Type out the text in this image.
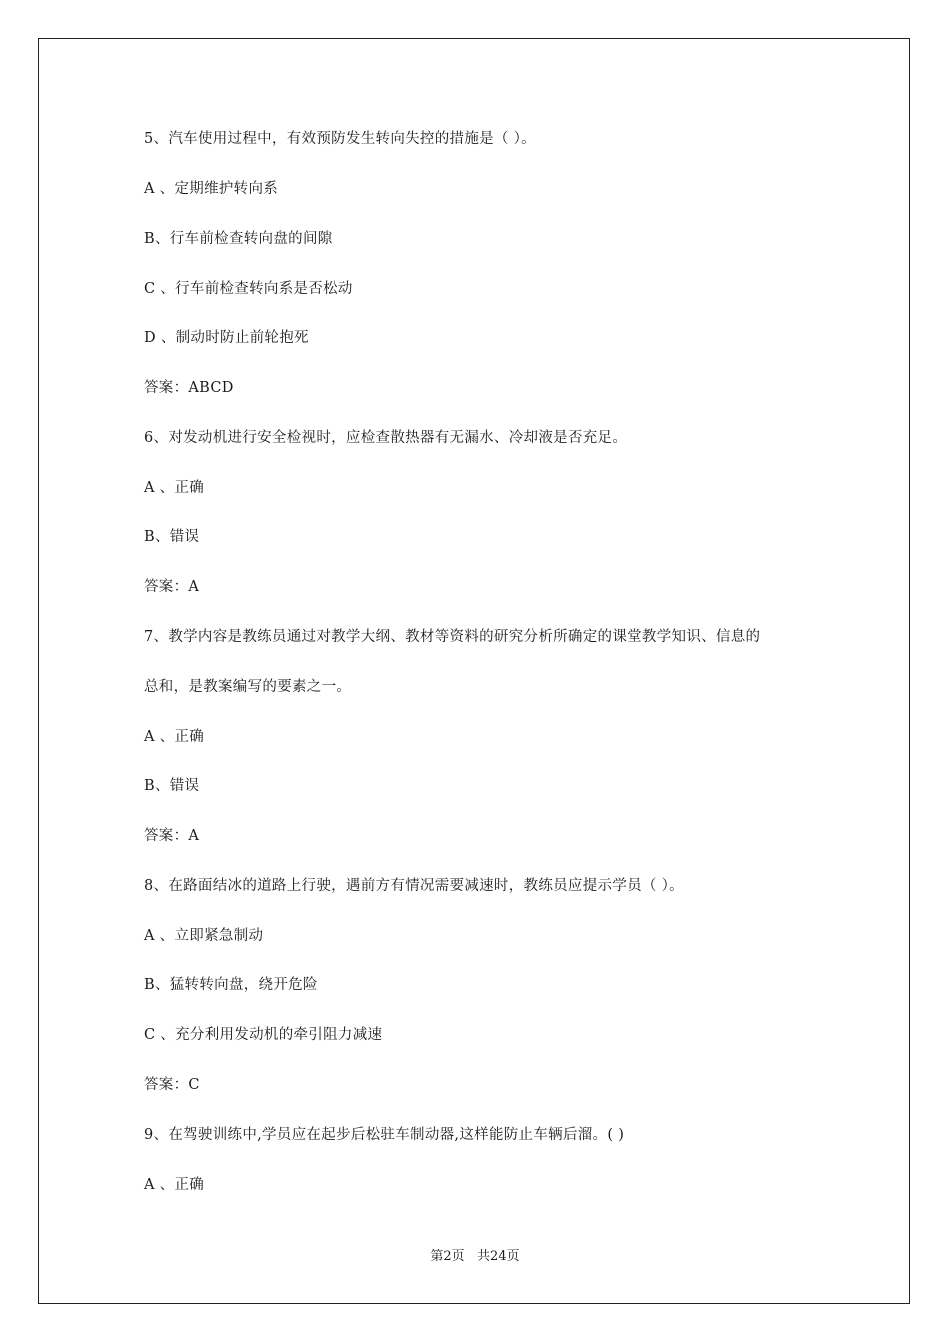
5、汽车使用过程中，有效预防发生转向失控的措施是（ ）。
A 、定期维护转向系
B、行车前检查转向盘的间隙
C 、行车前检查转向系是否松动
D 、制动时防止前轮抱死
答案：ABCD
6、对发动机进行安全检视时，应检查散热器有无漏水、冷却液是否充足。
A 、正确
B、错误
答案：A
7、教学内容是教练员通过对教学大纲、教材等资料的研究分析所确定的课堂教学知识、信息的
总和，是教案编写的要素之一。
A 、正确
B、错误
答案：A
8、在路面结冰的道路上行驶，遇前方有情况需要减速时，教练员应提示学员（ ）。
A 、立即紧急制动
B、猛转转向盘，绕开危险
C 、充分利用发动机的牵引阻力减速
答案：C
9、在驾驶训练中,学员应在起步后松驻车制动器,这样能防止车辆后溜。( )
A 、正确
第2页   共24页
